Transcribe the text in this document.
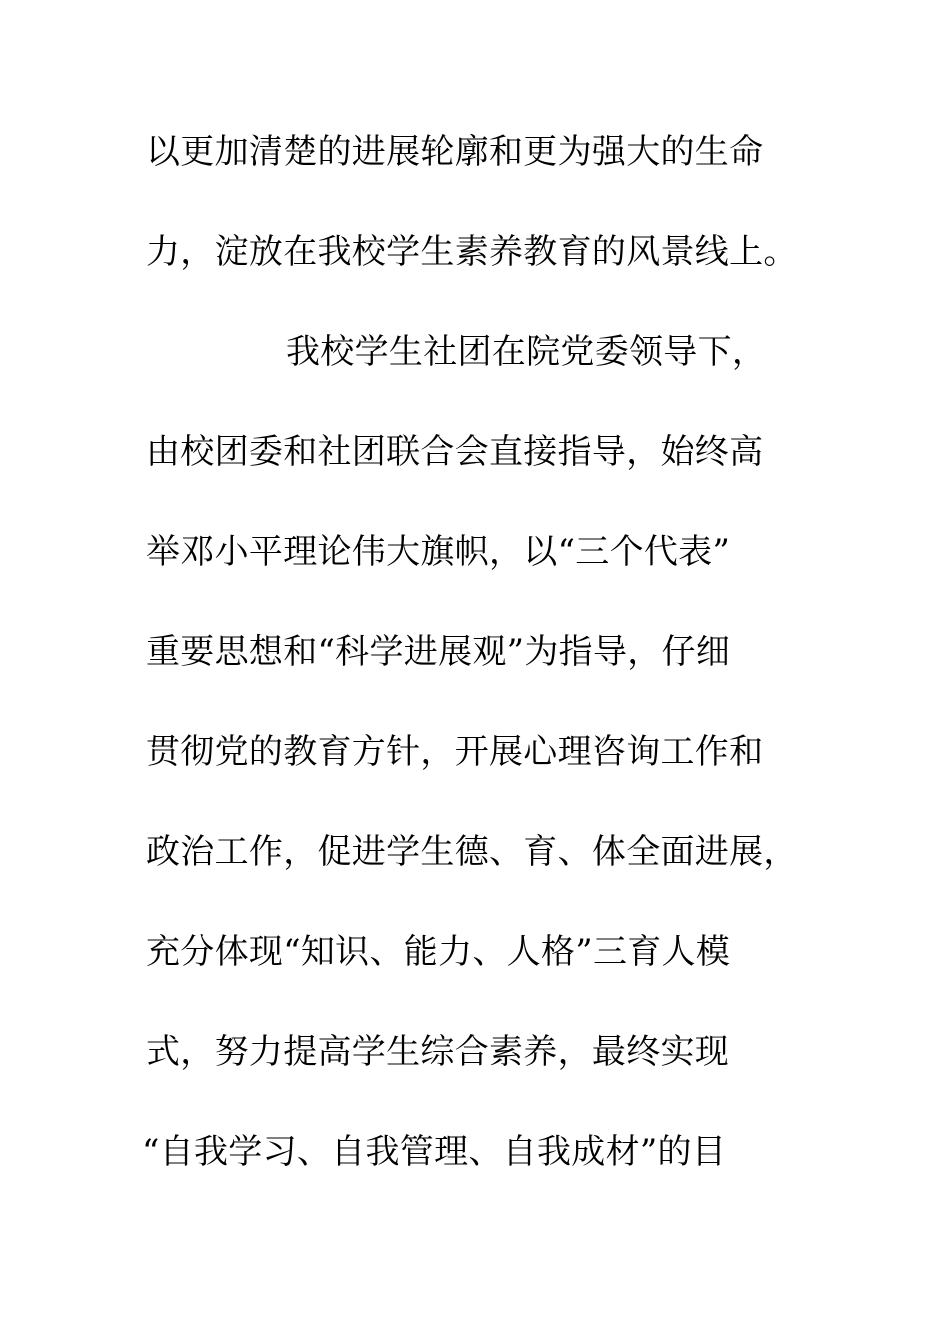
以更加清楚的进展轮廓和更为强大的生命
力，淀放在我校学生素养教育的风景线上。
我校学生社团在院党委领导下，
由校团委和社团联合会直接指导，始终高
举邓小平理论伟大旗帜，以“三个代表”
重要思想和“科学进展观”为指导，仔细
贯彻党的教育方针，开展心理咨询工作和
政治工作，促进学生德、育、体全面进展，
充分体现“知识、能力、人格”三育人模
式，努力提高学生综合素养，最终实现
“自我学习、自我管理、自我成材”的目
